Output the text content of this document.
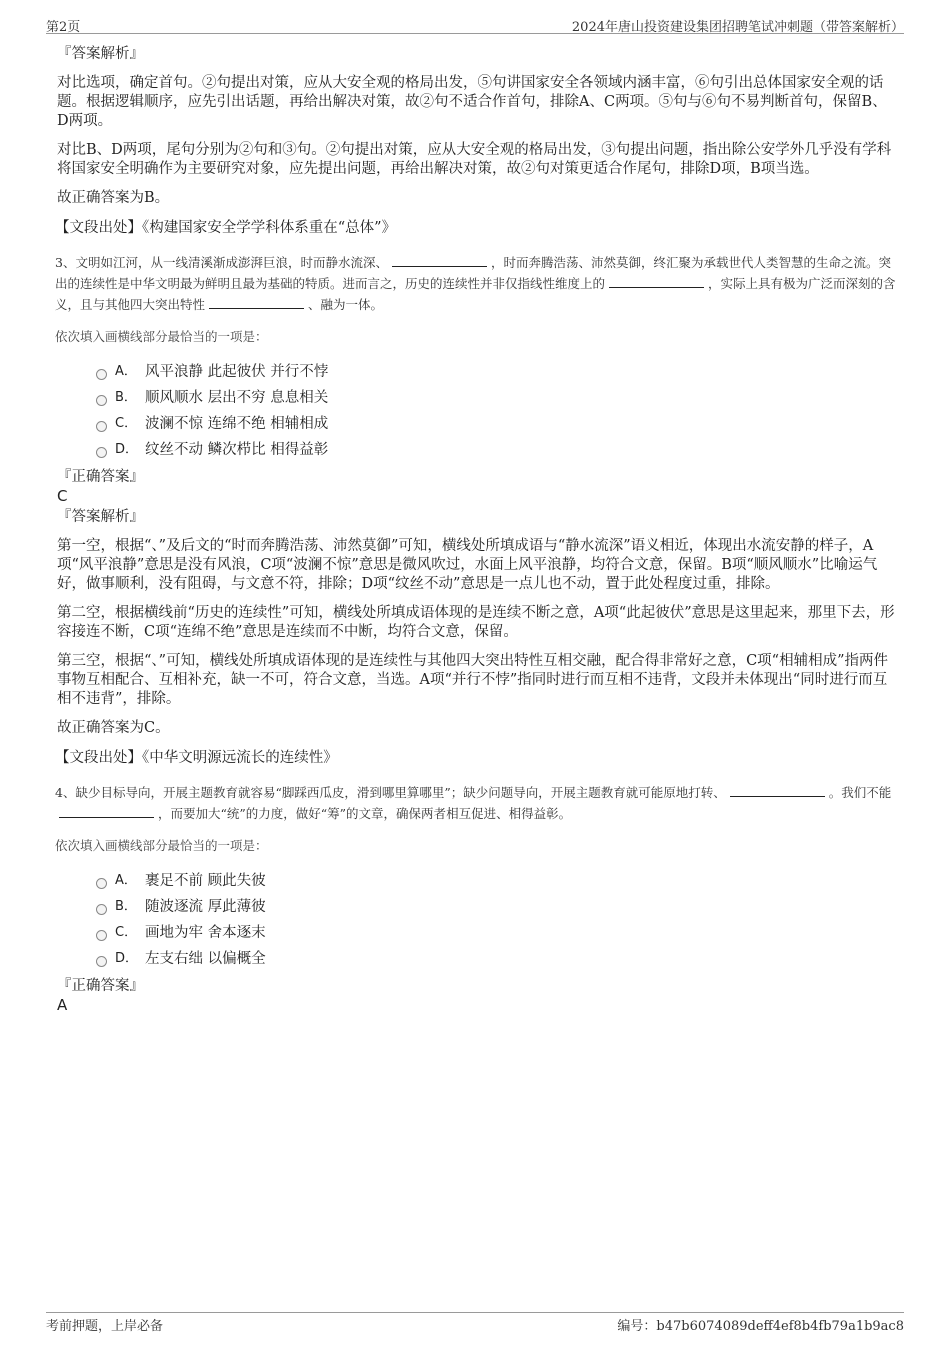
第2页	2024年唐山投资建设集团招聘笔试冲刺题（带答案解析）
『答案解析』

对比选项，确定首句。②句提出对策，应从大安全观的格局出发，⑤句讲国家安全各领域内涵丰富，⑥句引出总体国家安全观的话题。根据逻辑顺序，应先引出话题，再给出解决对策，故②句不适合作首句，排除A、C两项。⑤句与⑥句不易判断首句，保留B、D两项。

对比B、D两项，尾句分别为②句和③句。②句提出对策，应从大安全观的格局出发，③句提出问题，指出除公安学外几乎没有学科将国家安全明确作为主要研究对象，应先提出问题，再给出解决对策，故②句对策更适合作尾句，排除D项，B项当选。

故正确答案为B。

【文段出处】《构建国家安全学学科体系重在“总体”》
3、文明如江河，从一线清溪渐成澎湃巨浪，时而静水流深、	，时而奔腾浩荡、沛然莫御，终汇聚为承载世代人类智慧的生命之流。突出的连续性是中华文明最为鲜明且最为基础的特质。进而言之，历史的连续性并非仅指线性维度上的	，实际上具有极为广泛而深刻的含义，且与其他四大突出特性	、融为一体。
依次填入画横线部分最恰当的一项是：
A． 风平浪静 此起彼伏 并行不悖
B． 顺风顺水 层出不穷 息息相关
C． 波澜不惊 连绵不绝 相辅相成
D． 纹丝不动 鳞次栉比 相得益彰
『正确答案』
C
『答案解析』

第一空，根据“、”及后文的“时而奔腾浩荡、沛然莫御”可知，横线处所填成语与“静水流深”语义相近，体现出水流安静的样子，A项“风平浪静”意思是没有风浪，C项“波澜不惊”意思是微风吹过，水面上风平浪静，均符合文意，保留。B项“顺风顺水”比喻运气好，做事顺利，没有阻碍，与文意不符，排除；D项“纹丝不动”意思是一点儿也不动，置于此处程度过重，排除。

第二空，根据横线前“历史的连续性”可知，横线处所填成语体现的是连续不断之意，A项“此起彼伏”意思是这里起来，那里下去，形容接连不断，C项“连绵不绝”意思是连续而不中断，均符合文意，保留。

第三空，根据“、”可知，横线处所填成语体现的是连续性与其他四大突出特性互相交融，配合得非常好之意，C项“相辅相成”指两件事物互相配合、互相补充，缺一不可，符合文意，当选。A项“并行不悖”指同时进行而互相不违背，文段并未体现出“同时进行而互相不违背”，排除。

故正确答案为C。

【文段出处】《中华文明源远流长的连续性》
4、缺少目标导向，开展主题教育就容易“脚踩西瓜皮，滑到哪里算哪里”；缺少问题导向，开展主题教育就可能原地打转、	。我们不能，而要加大“统”的力度，做好“筹”的文章，确保两者相互促进、相得益彰。
依次填入画横线部分最恰当的一项是：
A． 裹足不前 顾此失彼
B． 随波逐流 厚此薄彼
C． 画地为牢 舍本逐末
D． 左支右绌 以偏概全
『正确答案』
A
考前押题，上岸必备	编号：b47b6074089deff4ef8b4fb79a1b9ac8
